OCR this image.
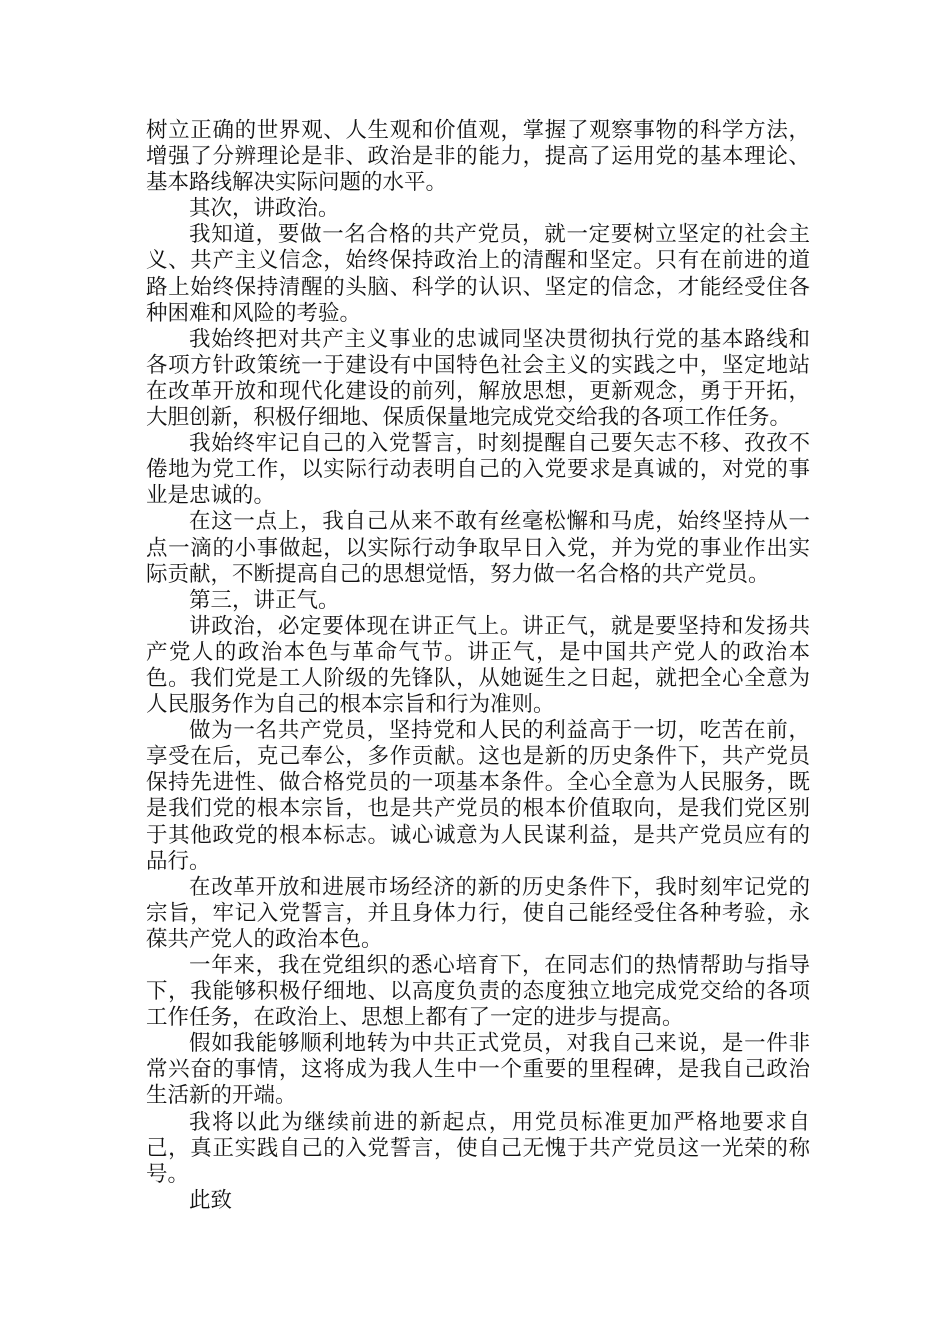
树立正确的世界观、人生观和价值观，掌握了观察事物的科学方法，增强了分辨理论是非、政治是非的能力，提高了运用党的基本理论、基本路线解决实际问题的水平。

其次，讲政治。

我知道，要做一名合格的共产党员，就一定要树立坚定的社会主义、共产主义信念，始终保持政治上的清醒和坚定。只有在前进的道路上始终保持清醒的头脑、科学的认识、坚定的信念，才能经受住各种困难和风险的考验。

我始终把对共产主义事业的忠诚同坚决贯彻执行党的基本路线和各项方针政策统一于建设有中国特色社会主义的实践之中，坚定地站在改革开放和现代化建设的前列，解放思想，更新观念，勇于开拓，大胆创新，积极仔细地、保质保量地完成党交给我的各项工作任务。

我始终牢记自己的入党誓言，时刻提醒自己要矢志不移、孜孜不倦地为党工作，以实际行动表明自己的入党要求是真诚的，对党的事业是忠诚的。

在这一点上，我自己从来不敢有丝毫松懈和马虎，始终坚持从一点一滴的小事做起，以实际行动争取早日入党，并为党的事业作出实际贡献，不断提高自己的思想觉悟，努力做一名合格的共产党员。

第三，讲正气。

讲政治，必定要体现在讲正气上。讲正气，就是要坚持和发扬共产党人的政治本色与革命气节。讲正气，是中国共产党人的政治本色。我们党是工人阶级的先锋队，从她诞生之日起，就把全心全意为人民服务作为自己的根本宗旨和行为准则。

做为一名共产党员，坚持党和人民的利益高于一切，吃苦在前，享受在后，克己奉公，多作贡献。这也是新的历史条件下，共产党员保持先进性、做合格党员的一项基本条件。全心全意为人民服务，既是我们党的根本宗旨，也是共产党员的根本价值取向，是我们党区别于其他政党的根本标志。诚心诚意为人民谋利益，是共产党员应有的品行。

在改革开放和进展市场经济的新的历史条件下，我时刻牢记党的宗旨，牢记入党誓言，并且身体力行，使自己能经受住各种考验，永葆共产党人的政治本色。

一年来，我在党组织的悉心培育下，在同志们的热情帮助与指导下，我能够积极仔细地、以高度负责的态度独立地完成党交给的各项工作任务，在政治上、思想上都有了一定的进步与提高。

假如我能够顺利地转为中共正式党员，对我自己来说，是一件非常兴奋的事情，这将成为我人生中一个重要的里程碑，是我自己政治生活新的开端。

我将以此为继续前进的新起点，用党员标准更加严格地要求自己，真正实践自己的入党誓言，使自己无愧于共产党员这一光荣的称号。

此致
